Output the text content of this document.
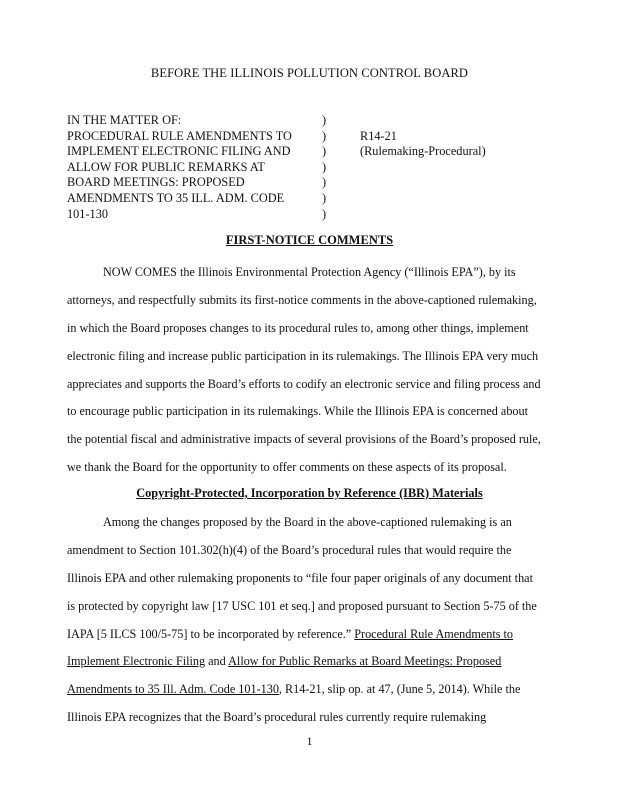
BEFORE THE ILLINOIS POLLUTION CONTROL BOARD
IN THE MATTER OF:
PROCEDURAL RULE AMENDMENTS TO
IMPLEMENT ELECTRONIC FILING AND
ALLOW FOR PUBLIC REMARKS AT
BOARD MEETINGS: PROPOSED
AMENDMENTS TO 35 ILL. ADM. CODE
101-130
)
)
)
)
)
)
)
R14-21
(Rulemaking-Procedural)
FIRST-NOTICE COMMENTS
NOW COMES the Illinois Environmental Protection Agency (“Illinois EPA”), by its
attorneys, and respectfully submits its first-notice comments in the above-captioned rulemaking,
in which the Board proposes changes to its procedural rules to, among other things, implement
electronic filing and increase public participation in its rulemakings. The Illinois EPA very much
appreciates and supports the Board’s efforts to codify an electronic service and filing process and
to encourage public participation in its rulemakings. While the Illinois EPA is concerned about
the potential fiscal and administrative impacts of several provisions of the Board’s proposed rule,
we thank the Board for the opportunity to offer comments on these aspects of its proposal.
Copyright-Protected, Incorporation by Reference (IBR) Materials
Among the changes proposed by the Board in the above-captioned rulemaking is an
amendment to Section 101.302(h)(4) of the Board’s procedural rules that would require the
Illinois EPA and other rulemaking proponents to “file four paper originals of any document that
is protected by copyright law [17 USC 101 et seq.] and proposed pursuant to Section 5-75 of the
IAPA [5 ILCS 100/5-75] to be incorporated by reference.” Procedural Rule Amendments to
Implement Electronic Filing and Allow for Public Remarks at Board Meetings: Proposed
Amendments to 35 Ill. Adm. Code 101-130, R14-21, slip op. at 47, (June 5, 2014). While the
Illinois EPA recognizes that the Board’s procedural rules currently require rulemaking
1
